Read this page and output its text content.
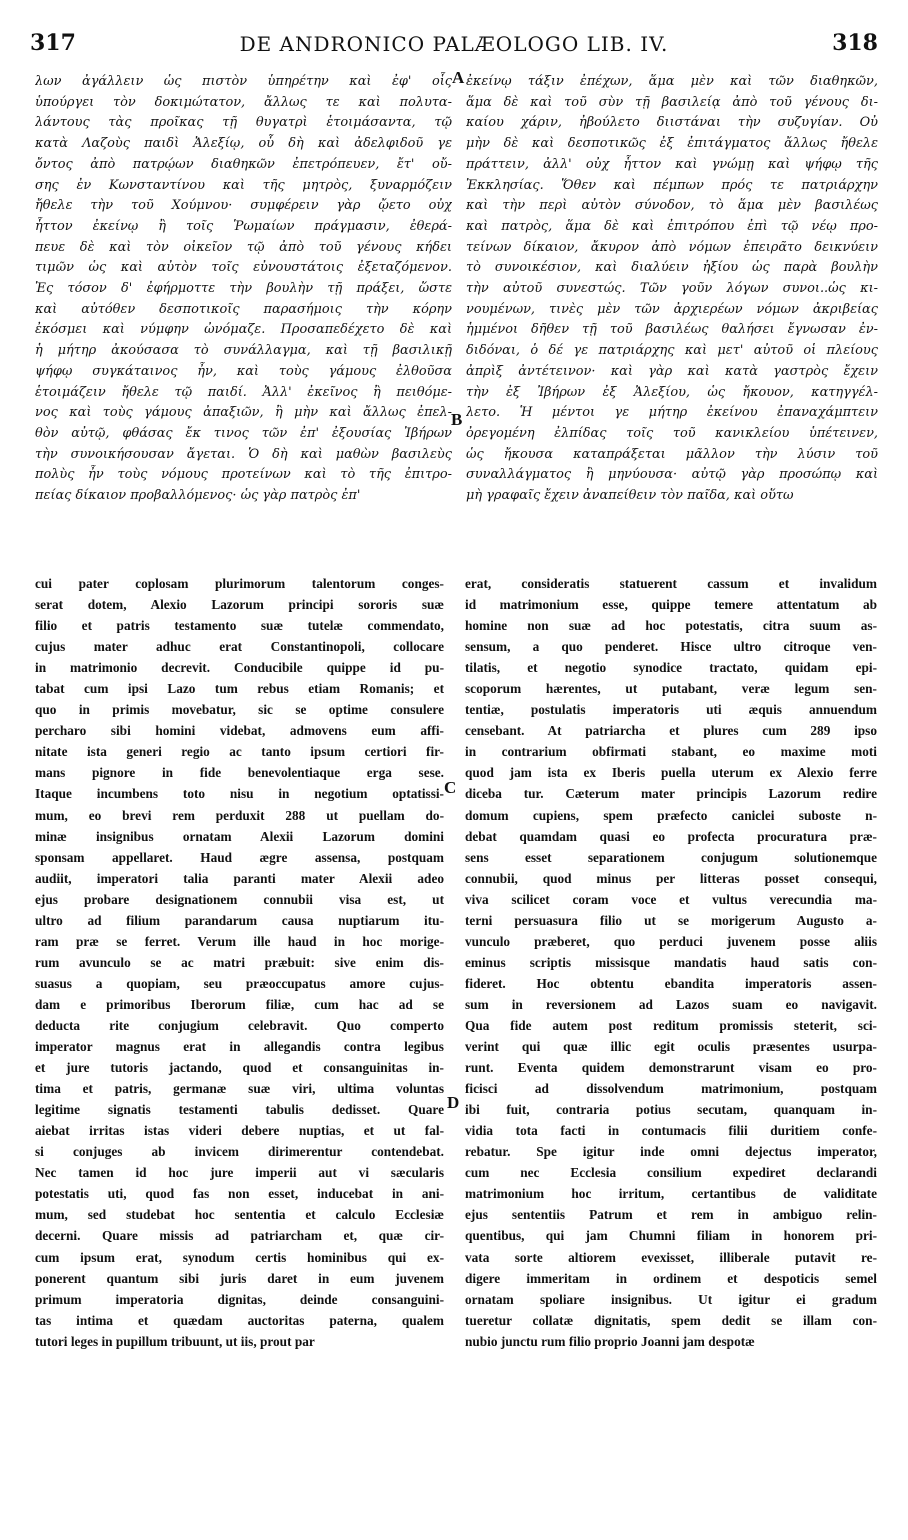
317	DE ANDRONICO PALÆOLOGO LIB. IV.	318
λων ἀγάλλειν ὡς πιστὸν ὑπηρέτην καὶ ἐφ' οἷς
ὑπούργει τὸν δοκιμώτατον, ἄλλως τε καὶ πολυτα-
λάντους τὰς προῖκας τῇ θυγατρὶ ἑτοιμάσαντα, τῷ
κατὰ Λαζοὺς παιδὶ Ἀλεξίῳ, οὗ δὴ καὶ ἀδελφιδοῦ γε
ὄντος ἀπὸ πατρῴων διαθηκῶν ἐπετρόπευεν, ἔτ' οὔ-
σης ἐν Κωνσταντίνου καὶ τῆς μητρὸς, ξυναρμόζειν
ἤθελε τὴν τοῦ Χούμνου· συμφέρειν γὰρ ᾤετο οὐχ
ἧττον ἐκείνῳ ἢ τοῖς Ῥωμαίων πράγμασιν, ἐθερά-
πευε δὲ καὶ τὸν οἰκεῖον τῷ ἀπὸ τοῦ γένους κήδει
τιμῶν ὡς καὶ αὐτὸν τοῖς εὐνουστάτοις ἐξεταζόμενον.
Ἐς τόσον δ' ἐφήρμοττε τὴν βουλὴν τῇ πράξει, ὥστε
καὶ αὐτόθεν δεσποτικοῖς παρασήμοις τὴν κόρην
ἐκόσμει καὶ νύμφην ὠνόμαζε. Προσαπεδέχετο δὲ καὶ
ἡ μήτηρ ἀκούσασα τὸ συνάλλαγμα, καὶ τῇ βασιλικῇ
ψήφῳ συγκάταινος ἦν, καὶ τοὺς γάμους ἐλθοῦσα
ἑτοιμάζειν ἤθελε τῷ παιδί. Ἀλλ' ἐκεῖνος ἢ πειθόμε-
νος καὶ τοὺς γάμους ἀπαξιῶν, ἢ μὴν καὶ ἄλλως ἐπελ-
θὸν αὐτῷ, φθάσας ἔκ τινος τῶν ἐπ' ἐξουσίας Ἰβήρων
τὴν συνοικήσουσαν ἄγεται. Ὁ δὴ καὶ μαθὼν βασιλεὺς
πολὺς ἦν τοὺς νόμους προτείνων καὶ τὸ τῆς ἐπιτρο-
πείας δίκαιον προβαλλόμενος· ὡς γὰρ πατρὸς ἐπ'
ἐκείνῳ τάξιν ἐπέχων, ἅμα μὲν καὶ τῶν διαθηκῶν,
ἅμα δὲ καὶ τοῦ σὺν τῇ βασιλείᾳ ἀπὸ τοῦ γένους δι-
καίου χάριν, ἠβούλετο διιστάναι τὴν συζυγίαν. Οὐ
μὴν δὲ καὶ δεσποτικῶς ἐξ ἐπιτάγματος ἄλλως ἤθελε
πράττειν, ἀλλ' οὐχ ἧττον καὶ γνώμῃ καὶ ψήφῳ τῆς
Ἐκκλησίας. Ὅθεν καὶ πέμπων πρός τε πατριάρχην
καὶ τὴν περὶ αὐτὸν σύνοδον, τὸ ἅμα μὲν βασιλέως
καὶ πατρὸς, ἅμα δὲ καὶ ἐπιτρόπου ἐπὶ τῷ νέῳ προ-
τείνων δίκαιον, ἄκυρον ἀπὸ νόμων ἐπειρᾶτο δεικνύειν
τὸ συνοικέσιον, καὶ διαλύειν ἠξίου ὡς παρὰ βουλὴν
τὴν αὐτοῦ συνεστώς. Τῶν γοῦν λόγων συνοι..ὡς κι-
νουμένων, τινὲς μὲν τῶν ἀρχιερέων νόμων ἀκριβείας
ἡμμένοι δῆθεν τῇ τοῦ βασιλέως θαλήσει ἔγνωσαν ἐν-
διδόναι, ὁ δέ γε πατριάρχης καὶ μετ' αὐτοῦ οἱ πλείους
ἀπρὶξ ἀντέτεινον· καὶ γὰρ καὶ κατὰ γαστρὸς ἔχειν
τὴν ἐξ Ἰβήρων ἐξ Ἀλεξίου, ὡς ἤκουον, κατηγγέλ-
λετο. Ἡ μέντοι γε μήτηρ ἐκείνου ἐπαναχάμπτειν
ὀρεγομένη ἐλπίδας τοῖς τοῦ κανικλείου ὑπέτεινεν,
ὡς ἤκουσα καταπράξεται μᾶλλον τὴν λύσιν τοῦ
συναλλάγματος ἢ μηνύουσα· αὐτῷ γὰρ προσώπῳ καὶ
μὴ γραφαῖς ἔχειν ἀναπείθειν τὸν παῖδα, καὶ οὕτω
cui pater coplosam plurimorum talentorum conges-
serat dotem, Alexio Lazorum principi sororis suæ
filio et patris testamento suæ tutelæ commendato,
cujus mater adhuc erat Constantinopoli, collocare
in matrimonio decrevit. Conducibile quippe id pu-
tabat cum ipsi Lazo tum rebus etiam Romanis; et
quo in primis movebatur, sic se optime consulere
percharo sibi homini videbat, admovens eum affi-
nitate ista generi regio ac tanto ipsum certiori fir-
mans pignore in fide benevolentiaque erga sese.
Itaque incumbens toto nisu in negotium optatissi-
mum, eo brevi rem perduxit 288 ut puellam do-
minæ insignibus ornatam Alexii Lazorum domini
sponsam appellaret. Haud ægre assensa, postquam
audiit, imperatori talia paranti mater Alexii adeo
ejus probare designationem connubii visa est, ut
ultro ad filium parandarum causa nuptiarum itu-
ram præ se ferret. Verum ille haud in hoc morige-
rum avunculo se ac matri præbuit: sive enim dis-
suasus a quopiam, seu præoccupatus amore cujus-
dam e primoribus Iberorum filiæ, cum hac ad se
deducta rite conjugium celebravit. Quo comperto
imperator magnus erat in allegandis contra legibus
et jure tutoris jactando, quod et consanguinitas in-
tima et patris, germanæ suæ viri, ultima voluntas
legitime signatis testamenti tabulis dedisset. Quare
aiebat irritas istas videri debere nuptias, et ut fal-
si conjuges ab invicem dirimerentur contendebat.
Nec tamen id hoc jure imperii aut vi sæcularis
potestatis uti, quod fas non esset, inducebat in ani-
mum, sed studebat hoc sententia et calculo Ecclesiæ
decerni. Quare missis ad patriarcham et, quæ cir-
cum ipsum erat, synodum certis hominibus qui ex-
ponerent quantum sibi juris daret in eum juvenem
primum imperatoria dignitas, deinde consanguini-
tas intima et quædam auctoritas paterna, qualem
tutori leges in pupillum tribuunt, ut iis, prout par
erat, consideratis statuerent cassum et invalidum
id matrimonium esse, quippe temere attentatum ab
homine non suæ ad hoc potestatis, citra suum as-
sensum, a quo penderet. Hisce ultro citroque ven-
tilatis, et negotio synodice tractato, quidam epi-
scoporum hærentes, ut putabant, veræ legum sen-
tentiæ, postulatis imperatoris uti æquis annuendum
censebant. At patriarcha et plures cum 289 ipso
in contrarium obfirmati stabant, eo maxime moti
quod jam ista ex Iberis puella uterum ex Alexio ferre
diceba tur. Cæterum mater principis Lazorum redire
domum cupiens, spem præfecto caniclei suboste n-
debat quamdam quasi eo profecta procuratura præ-
sens esset separationem conjugum solutionemque
connubii, quod minus per litteras posset consequi,
viva scilicet coram voce et vultus verecundia ma-
terni persuasura filio ut se morigerum Augusto a-
vunculo præberet, quo perduci juvenem posse aliis
eminus scriptis missisque mandatis haud satis con-
fideret. Hoc obtentu ebandita imperatoris assen-
sum in reversionem ad Lazos suam eo navigavit.
Qua fide autem post reditum promissis steterit, sci-
verint qui quæ illic egit oculis præsentes usurpa-
runt. Eventa quidem demonstrarunt visam eo pro-
ficisci ad dissolvendum matrimonium, postquam
ibi fuit, contraria potius secutam, quanquam in-
vidia tota facti in contumacis filii duritiem confe-
rebatur. Spe igitur inde omni dejectus imperator,
cum nec Ecclesia consilium expediret declarandi
matrimonium hoc irritum, certantibus de validitate
ejus sententiis Patrum et rem in ambiguo relin-
quentibus, qui jam Chumni filiam in honorem pri-
vata sorte altiorem evexisset, illiberale putavit re-
digere immeritam in ordinem et despoticis semel
ornatam spoliare insignibus. Ut igitur ei gradum
tueretur collatæ dignitatis, spem dedit se illam con-
nubio junctu rum filio proprio Joanni jam despotæ
A
B
C
D
